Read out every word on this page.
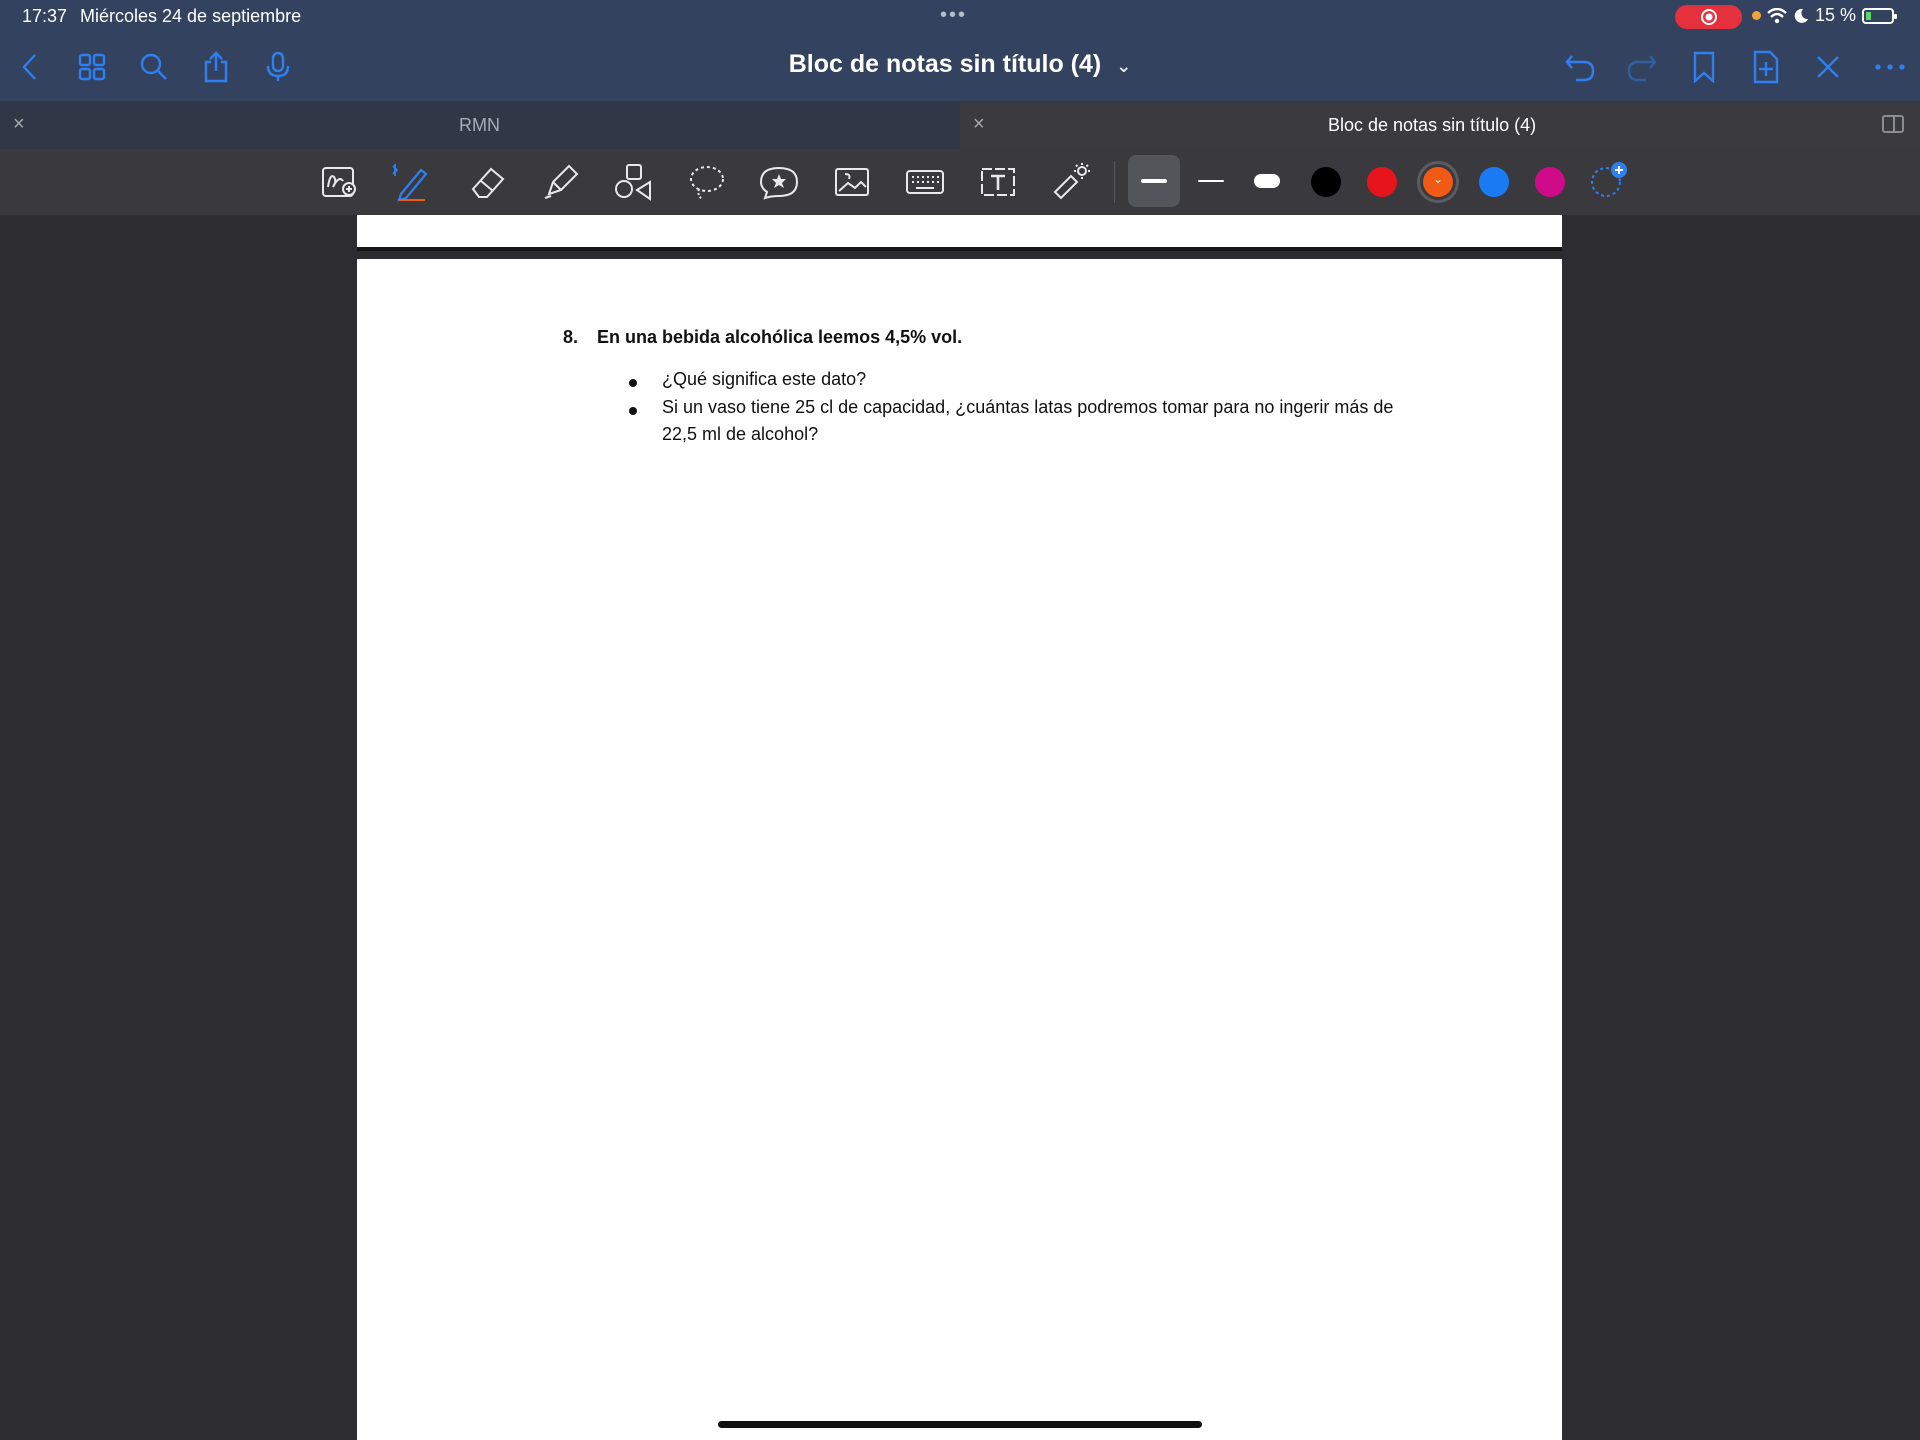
17:37 Miércoles 24 de septiembre	•••	15 %
Bloc de notas sin título (4) ⌄
×	RMN	×	Bloc de notas sin título (4)
⌄
8. En una bebida alcohólica leemos 4,5% vol.
¿Qué significa este dato?
Si un vaso tiene 25 cl de capacidad, ¿cuántas latas podremos tomar para no ingerir más de 22,5 ml de alcohol?
